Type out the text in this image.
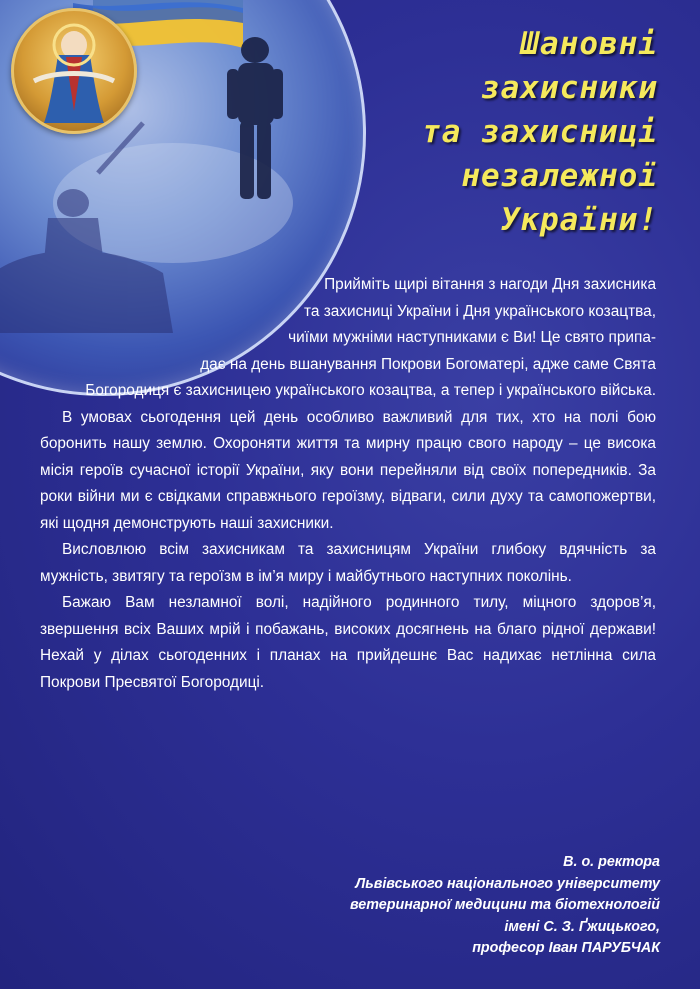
Шановні
захисники
та захисниці
незалежної
України!

Прийміть щирі вітання з нагоди Дня захисника
та захисниці України і Дня українського козацтва,
чиїми мужніми наступниками є Ви! Це свято припа-
дає на день вшанування Покрови Богоматері, адже саме Свята
Богородиця є захисницею українського козацтва, а тепер і українського війська.

В умовах сьогодення цей день особливо важливий для тих, хто на полі бою боронить нашу землю. Охороняти життя та мирну працю свого народу – це висока місія героїв сучасної історії України, яку вони перейняли від своїх попередників. За роки війни ми є свідками справжнього героїзму, відваги, сили духу та самопожертви, які щодня демонструють наші захисники.

Висловлюю всім захисникам та захисницям України глибоку вдячність за мужність, звитягу та героїзм в ім’я миру і майбутнього наступних поколінь.

Бажаю Вам незламної волі, надійного родинного тилу, міцного здоров’я, звершення всіх Ваших мрій і побажань, високих досягнень на благо рідної держави! Нехай у ділах сьогоденних і планах на прийдешнє Вас надихає нетлінна сила Покрови Пресвятої Богородиці.

В. о. ректора
Львівського національного університету
ветеринарної медицини та біотехнологій
імені С. З. Ґжицького,
професор Іван ПАРУБЧАК
